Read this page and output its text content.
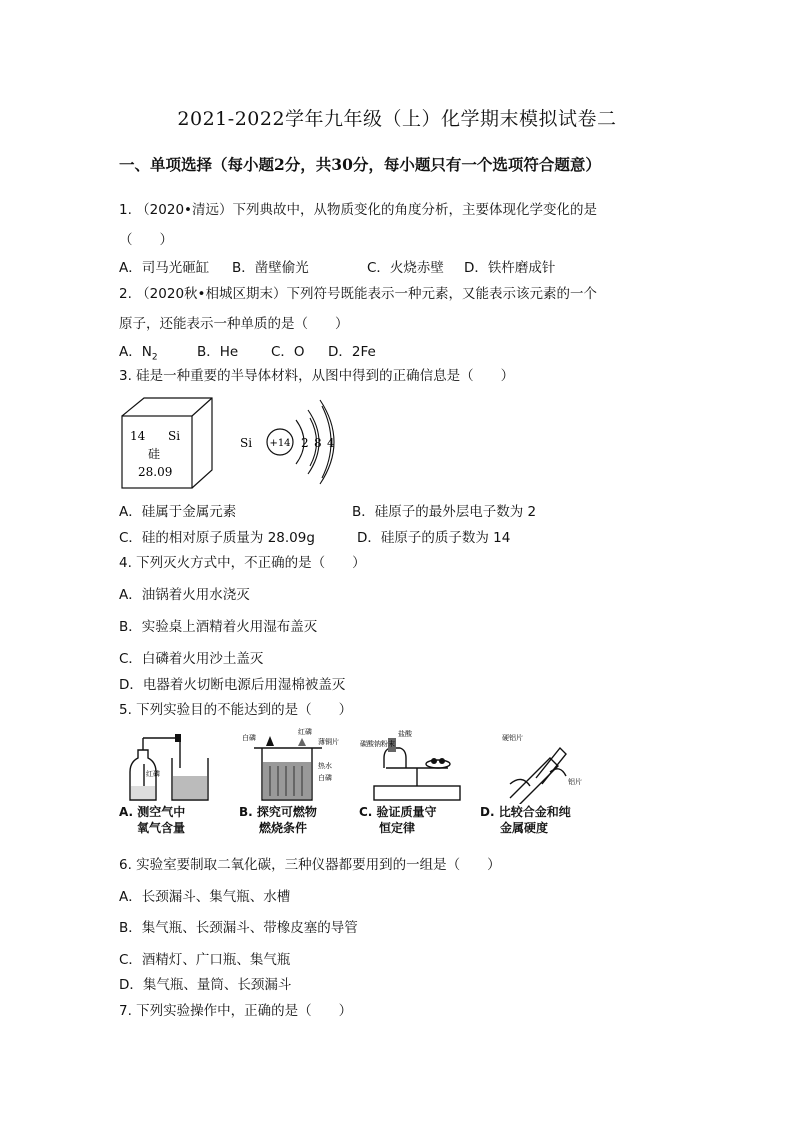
2021-2022学年九年级（上）化学期末模拟试卷二
一、单项选择（每小题2分，共30分，每小题只有一个选项符合题意）
1. （2020•清远）下列典故中，从物质变化的角度分析，主要体现化学变化的是
（　　）
A．司马光砸缸 B．凿壁偷光	C．火烧赤壁 D．铁杵磨成针
2. （2020秋•相城区期末）下列符号既能表示一种元素，又能表示该元素的一个
原子，还能表示一种单质的是（　　）
A．$N_2$	B．He C．O D．2Fe
3. 硅是一种重要的半导体材料，从图中得到的正确信息是（　　）
14 Si
硅
28.09
Si +14 2 8 4
A．硅属于金属元素	B．硅原子的最外层电子数为 2
C．硅的相对原子质量为 28.09g	D．硅原子的质子数为 14
4. 下列灭火方式中，不正确的是（　　）
A．油锅着火用水浇灭
B．实验桌上酒精着火用湿布盖灭
C．白磷着火用沙土盖灭
D．电器着火切断电源后用湿棉被盖灭
5. 下列实验目的不能达到的是（　　）
红磷
A. 测空气中
氧气含量
白磷
红磷
薄铜片
热水
白磷
B. 探究可燃物
燃烧条件
盐酸
碳酸钠粉末
C. 验证质量守
恒定律
硬铝片
铝片
D. 比较合金和纯
金属硬度
6. 实验室要制取二氧化碳，三种仪器都要用到的一组是（　　）
A．长颈漏斗、集气瓶、水槽
B．集气瓶、长颈漏斗、带橡皮塞的导管
C．酒精灯、广口瓶、集气瓶
D．集气瓶、量筒、长颈漏斗
7. 下列实验操作中，正确的是（　　）
